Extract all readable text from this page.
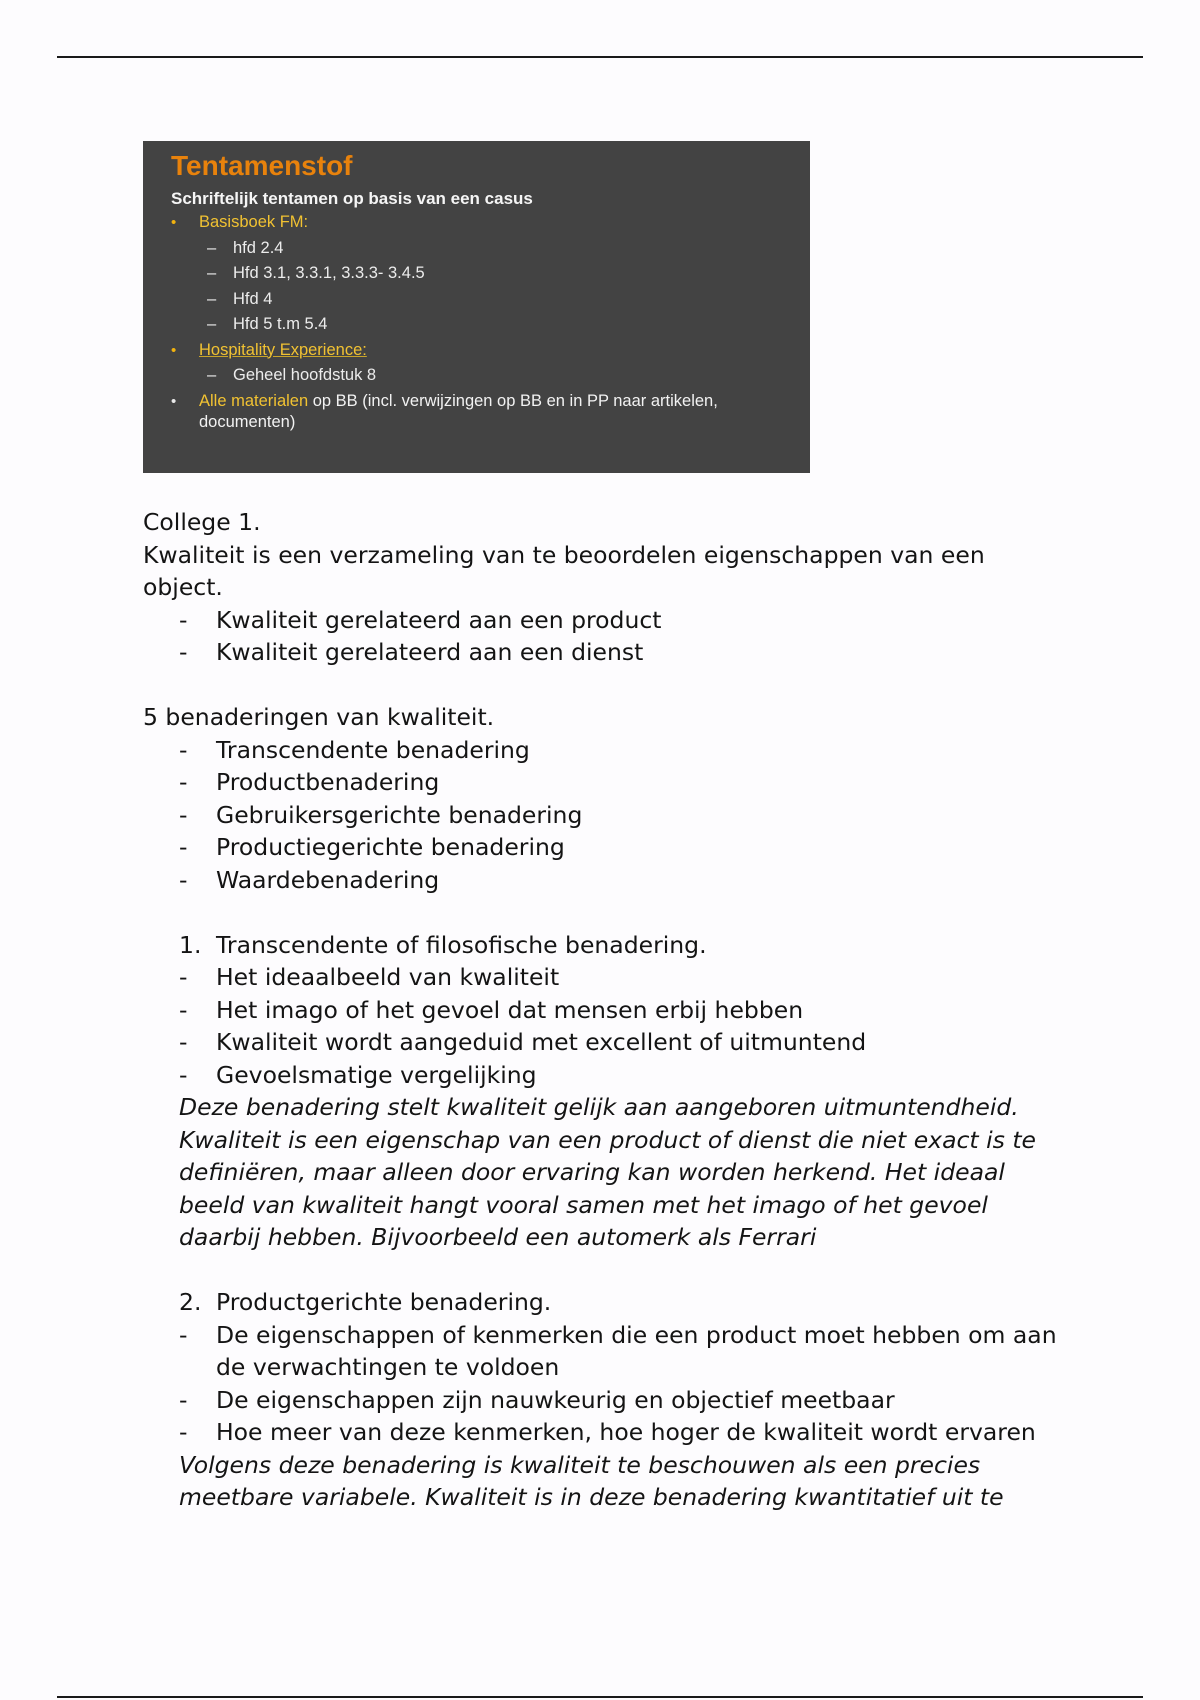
Tentamenstof
Schriftelijk tentamen op basis van een casus
• Basisboek FM:
– hfd 2.4
– Hfd 3.1, 3.3.1, 3.3.3- 3.4.5
– Hfd 4
– Hfd 5 t.m 5.4
• Hospitality Experience:
– Geheel hoofdstuk 8
•	Alle materialen op BB (incl. verwijzingen op BB en in PP naar artikelen, documenten)

College 1.

Kwaliteit is een verzameling van te beoordelen eigenschappen van een object.

- Kwaliteit gerelateerd aan een product
- Kwaliteit gerelateerd aan een dienst

5 benaderingen van kwaliteit.

- Transcendente benadering
- Productbenadering
- Gebruikersgerichte benadering
- Productiegerichte benadering
- Waardebenadering
1. Transcendente of filosofische benadering.
- Het ideaalbeeld van kwaliteit
- Het imago of het gevoel dat mensen erbij hebben
- Kwaliteit wordt aangeduid met excellent of uitmuntend
- Gevoelsmatige vergelijking

Deze benadering stelt kwaliteit gelijk aan aangeboren uitmuntendheid. Kwaliteit is een eigenschap van een product of dienst die niet exact is te definiëren, maar alleen door ervaring kan worden herkend. Het ideaal beeld van kwaliteit hangt vooral samen met het imago of het gevoel daarbij hebben. Bijvoorbeeld een automerk als Ferrari

2. Productgerichte benadering.
- De eigenschappen of kenmerken die een product moet hebben om aan de verwachtingen te voldoen
- De eigenschappen zijn nauwkeurig en objectief meetbaar
- Hoe meer van deze kenmerken, hoe hoger de kwaliteit wordt ervaren

Volgens deze benadering is kwaliteit te beschouwen als een precies meetbare variabele. Kwaliteit is in deze benadering kwantitatief uit te
